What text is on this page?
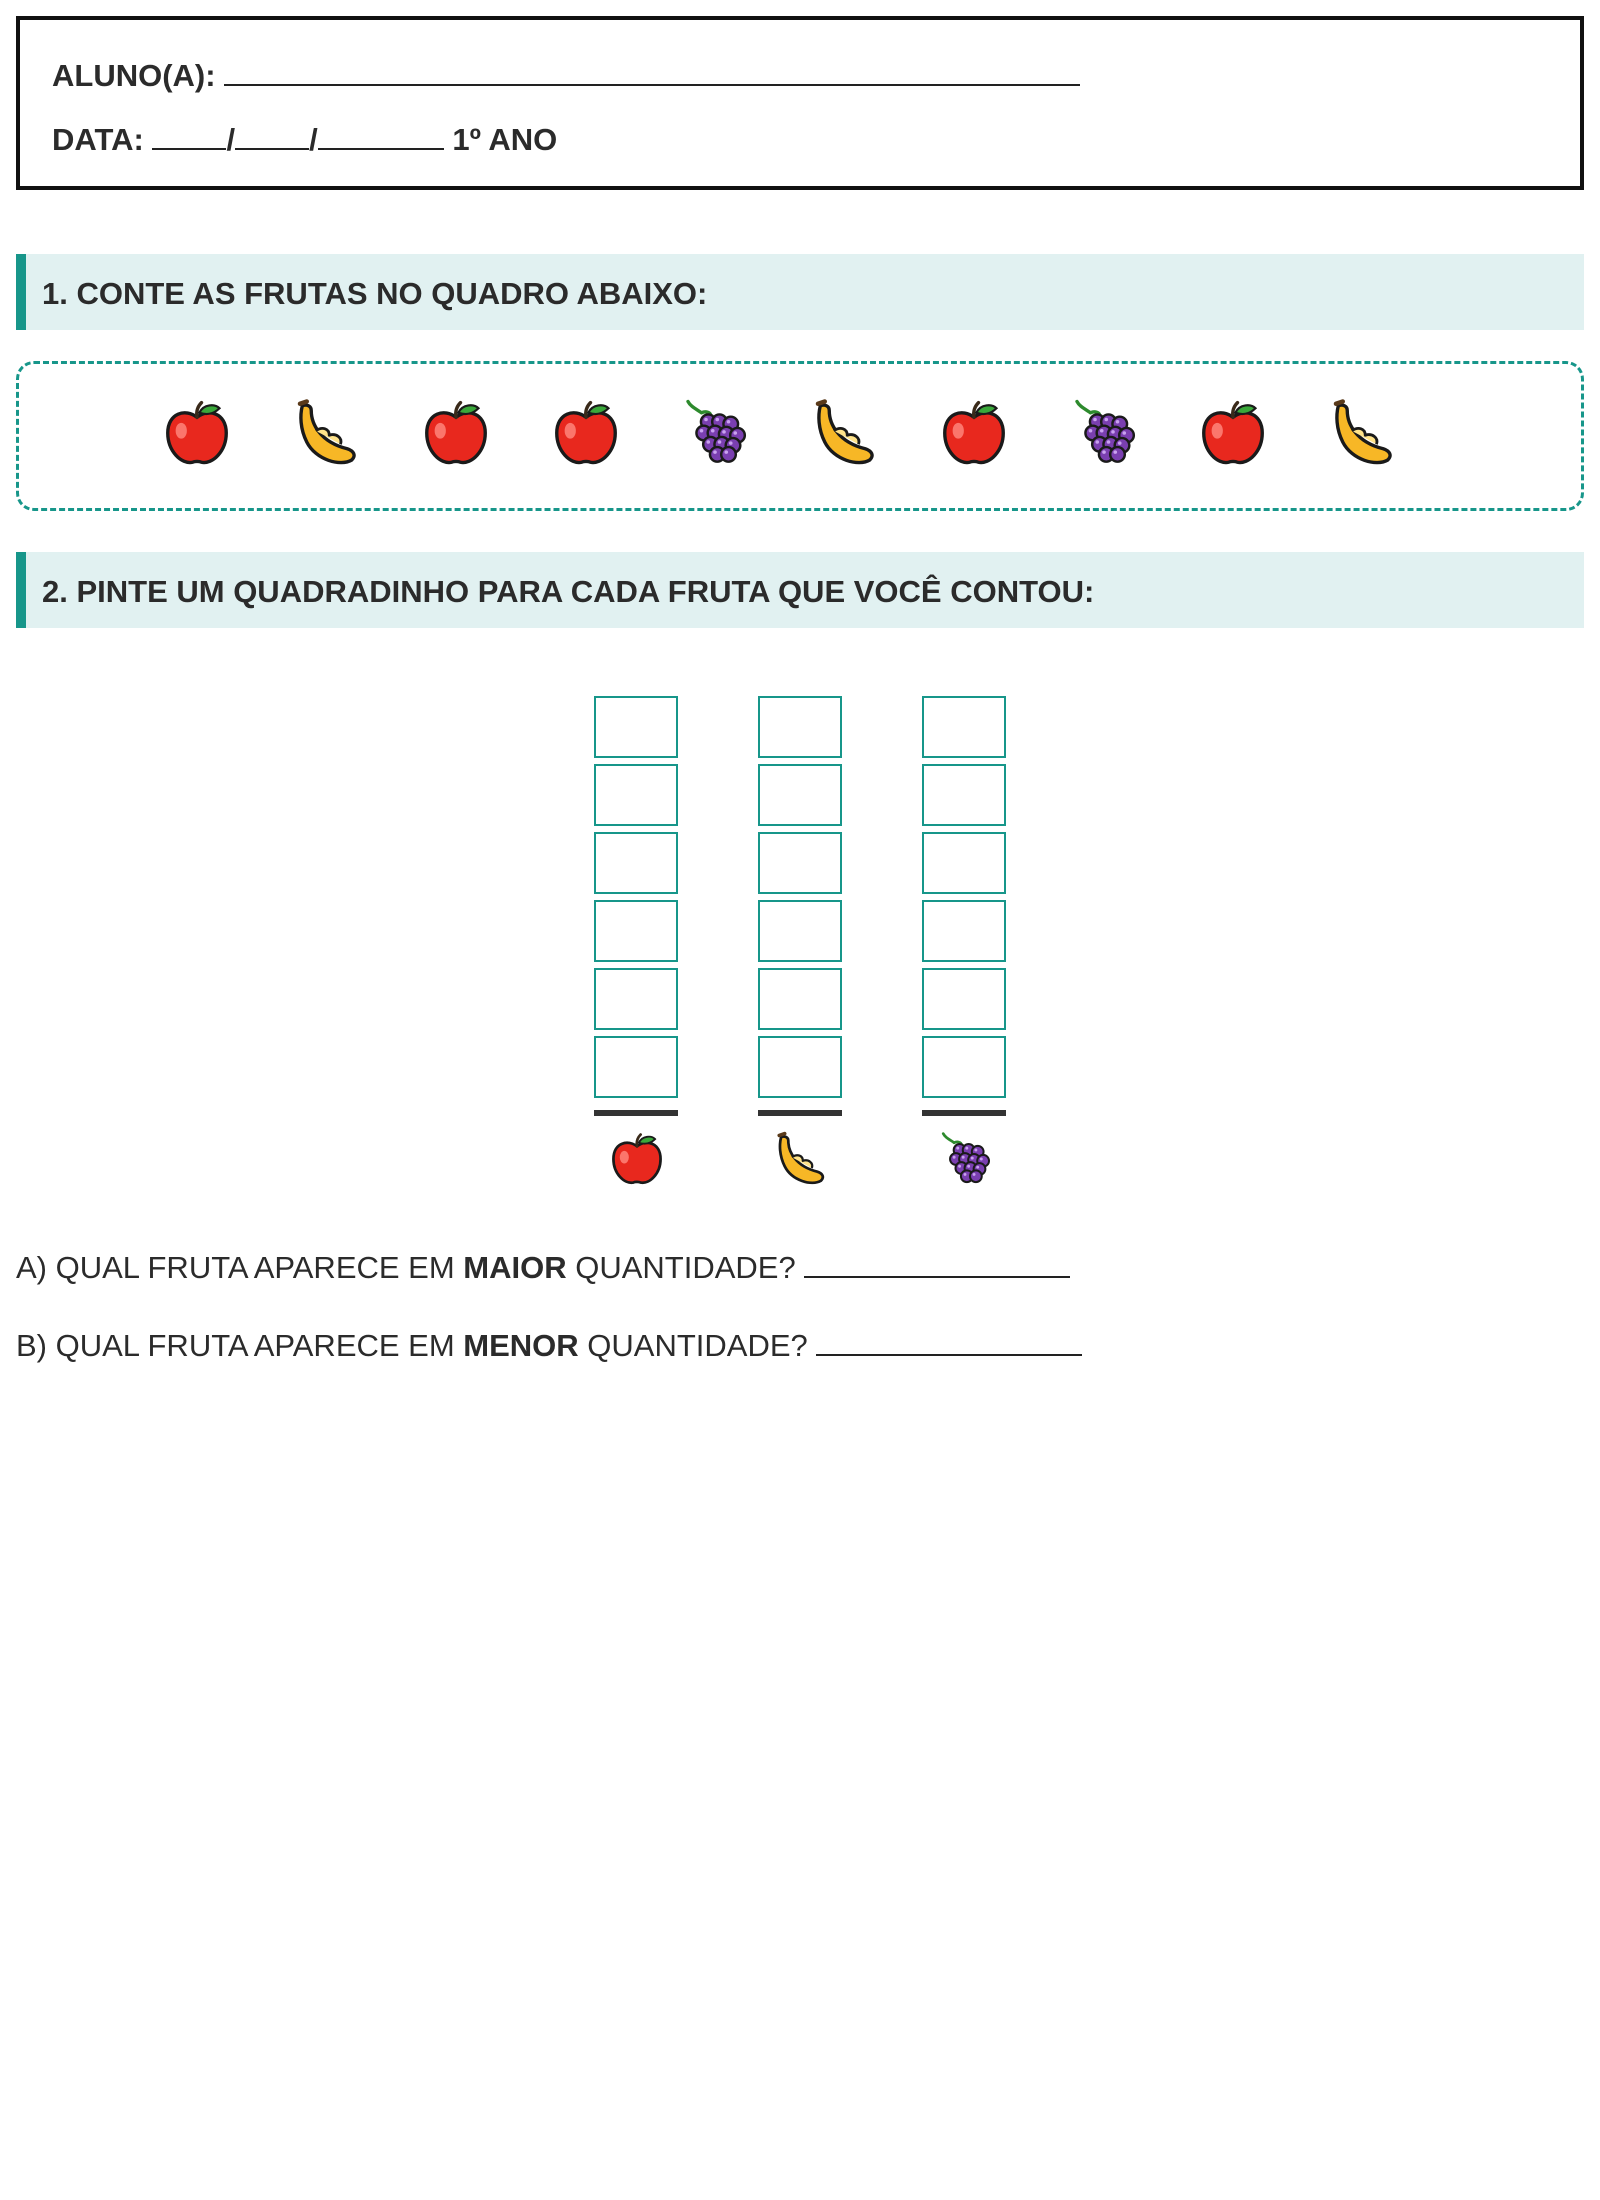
ALUNO(A):
DATA:	/ /	1º ANO
1. CONTE AS FRUTAS NO QUADRO ABAIXO:
2. PINTE UM QUADRADINHO PARA CADA FRUTA QUE VOCÊ CONTOU:
A) QUAL FRUTA APARECE EM MAIOR QUANTIDADE?
B) QUAL FRUTA APARECE EM MENOR QUANTIDADE?
